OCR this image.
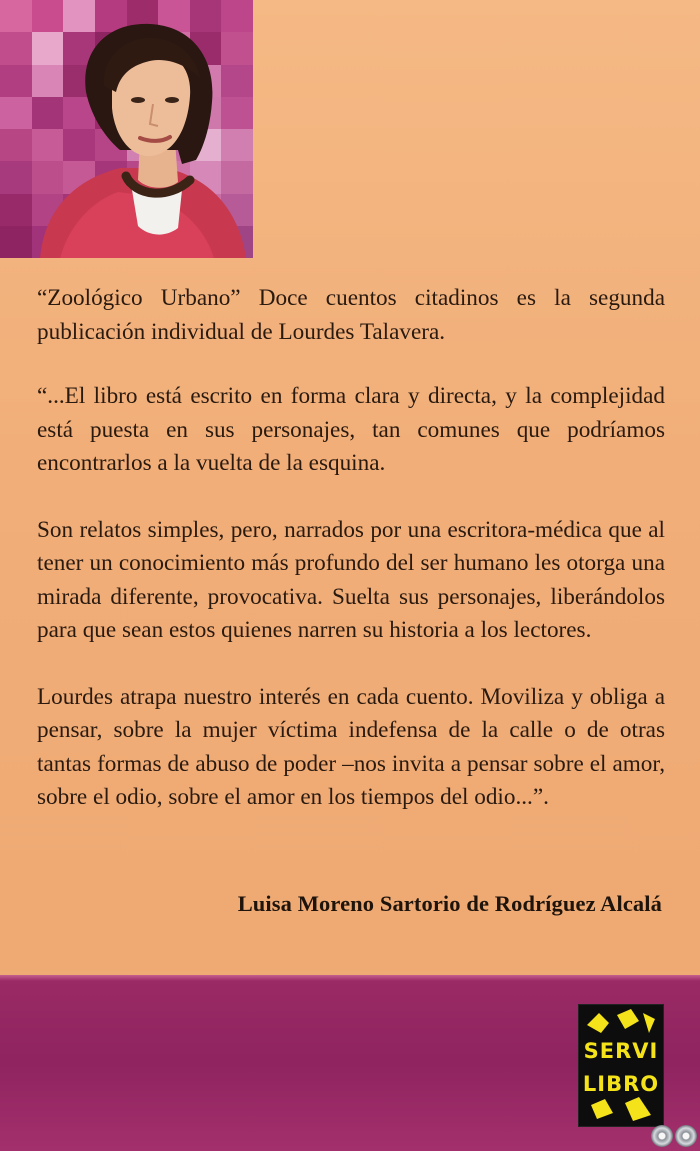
“Zoológico Urbano” Doce cuentos citadinos es la segunda publicación individual de Lourdes Talavera.

“...El libro está escrito en forma clara y directa, y la complejidad está puesta en sus personajes, tan comunes que podríamos encontrarlos a la vuelta de la esquina.

Son relatos simples, pero, narrados por una escritora-médica que al tener un conocimiento más profundo del ser humano les otorga una mirada diferente, provocativa. Suelta sus personajes, liberándolos para que sean estos quienes narren su historia a los lectores.

Lourdes atrapa nuestro interés en cada cuento. Moviliza y obliga a pensar, sobre la mujer víctima indefensa de la calle o de otras tantas formas de abuso de poder –nos invita a pensar sobre el amor, sobre el odio, sobre el amor en los tiempos del odio...”.

Luisa Moreno Sartorio de Rodríguez Alcalá
SERVI
LIBRO
